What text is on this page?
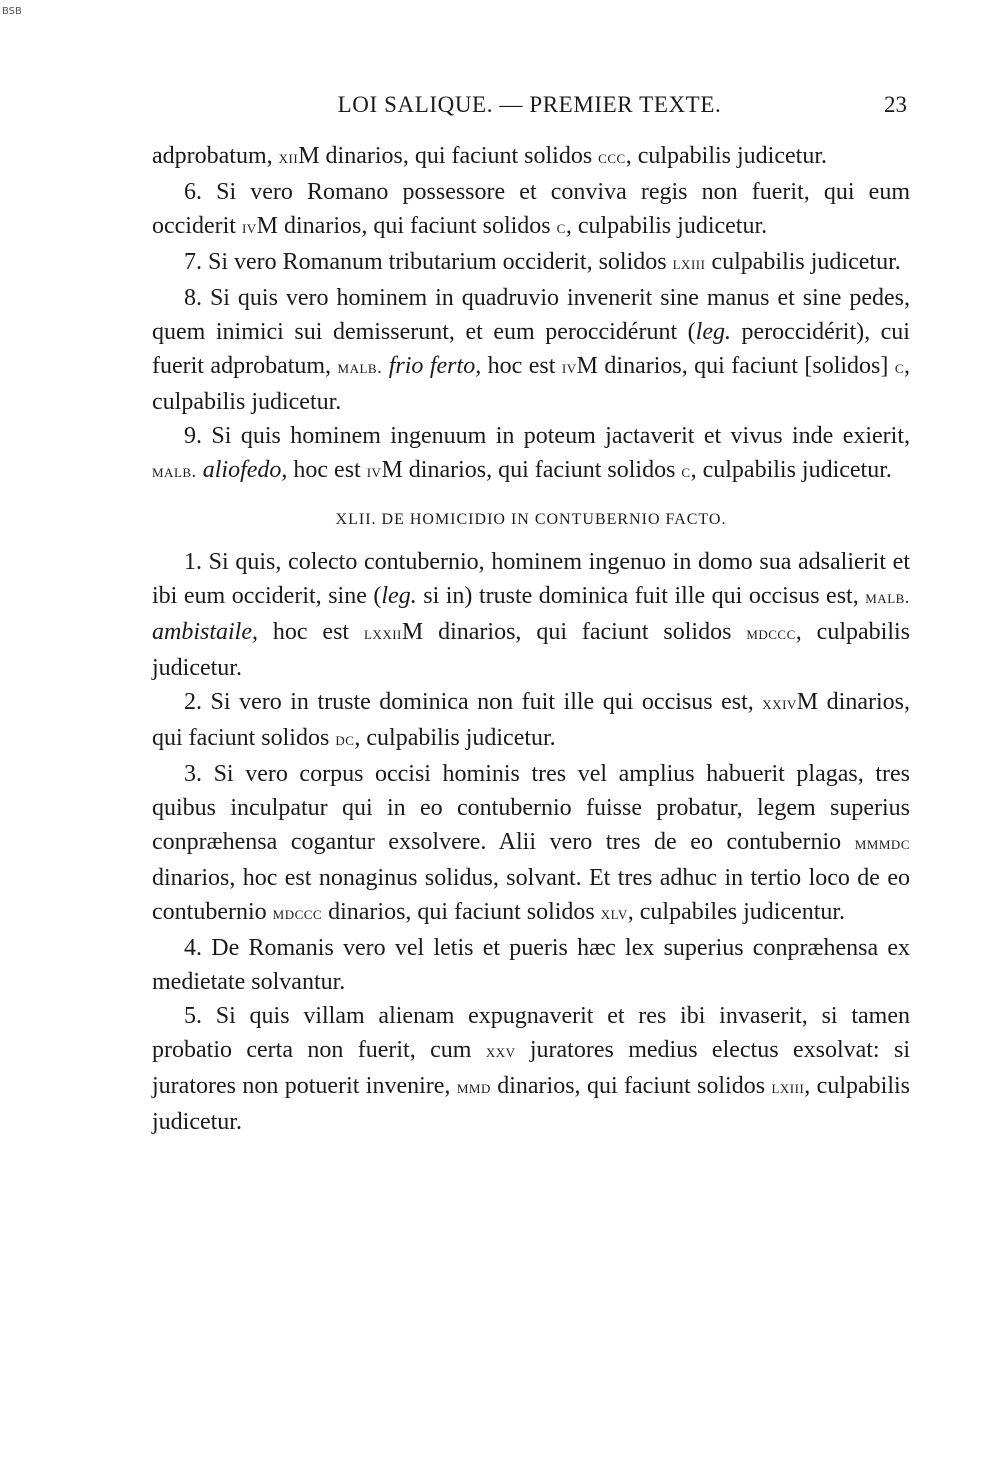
BSB
LOI SALIQUE. — PREMIER TEXTE.	23

adprobatum, xiiM dinarios, qui faciunt solidos ccc, culpabilis judicetur.

6. Si vero Romano possessore et conviva regis non fuerit, qui eum occiderit ivM dinarios, qui faciunt solidos c, culpabilis judicetur.

7. Si vero Romanum tributarium occiderit, solidos lxiii culpabilis judicetur.

8. Si quis vero hominem in quadruvio invenerit sine manus et sine pedes, quem inimici sui demisserunt, et eum peroccidérunt (leg. peroccidérit), cui fuerit adprobatum, malb. frio ferto, hoc est ivM dinarios, qui faciunt [solidos] c, culpabilis judicetur.

9. Si quis hominem ingenuum in poteum jactaverit et vivus inde exierit, malb. aliofedo, hoc est ivM dinarios, qui faciunt solidos c, culpabilis judicetur.

XLII. DE HOMICIDIO IN CONTUBERNIO FACTO.

1. Si quis, colecto contubernio, hominem ingenuo in domo sua adsalierit et ibi eum occiderit, sine (leg. si in) truste dominica fuit ille qui occisus est, malb. ambistaile, hoc est lxxiiM dinarios, qui faciunt solidos mdccc, culpabilis judicetur.

2. Si vero in truste dominica non fuit ille qui occisus est, xxivM dinarios, qui faciunt solidos dc, culpabilis judicetur.

3. Si vero corpus occisi hominis tres vel amplius habuerit plagas, tres quibus inculpatur qui in eo contubernio fuisse probatur, legem superius conpræhensa cogantur exsolvere. Alii vero tres de eo contubernio mmmdc dinarios, hoc est nonaginus solidus, solvant. Et tres adhuc in tertio loco de eo contubernio mdccc dinarios, qui faciunt solidos xlv, culpabiles judicentur.

4. De Romanis vero vel letis et pueris hæc lex superius conpræhensa ex medietate solvantur.

5. Si quis villam alienam expugnaverit et res ibi invaserit, si tamen probatio certa non fuerit, cum xxv juratores medius electus exsolvat: si juratores non potuerit invenire, mmd dinarios, qui faciunt solidos lxiii, culpabilis judicetur.
